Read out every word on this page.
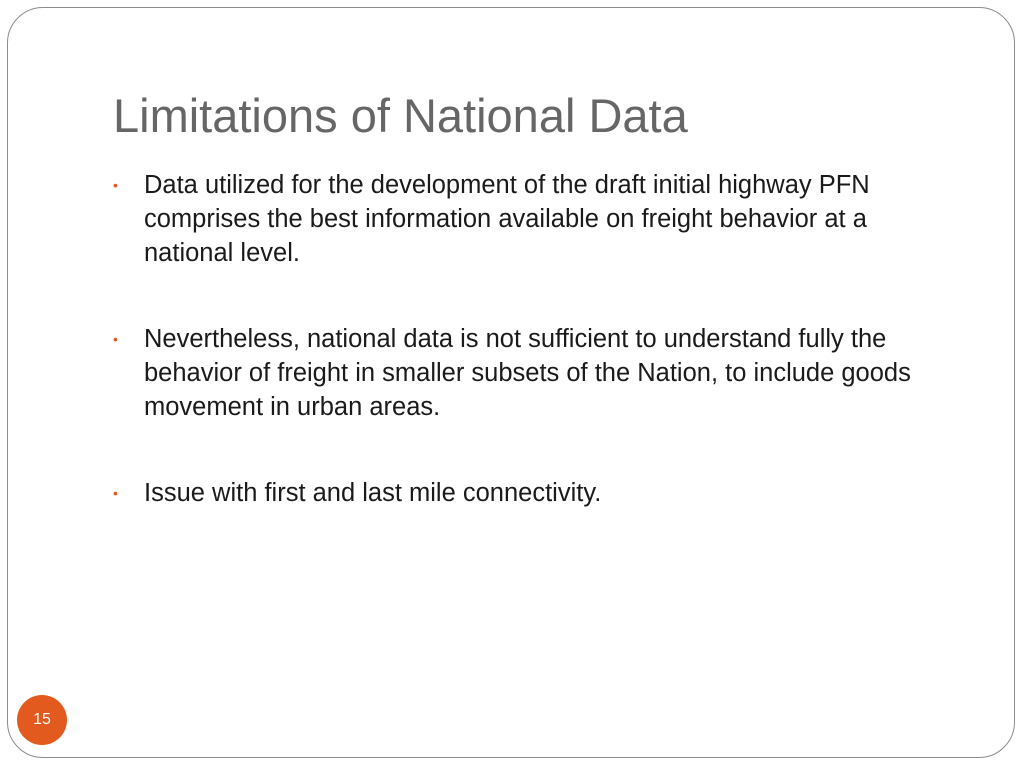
Limitations of National Data
• Data utilized for the development of the draft initial highway PFN comprises the best information available on freight behavior at a national level.
• Nevertheless, national data is not sufficient to understand fully the behavior of freight in smaller subsets of the Nation, to include goods movement in urban areas.
• Issue with first and last mile connectivity.
15
